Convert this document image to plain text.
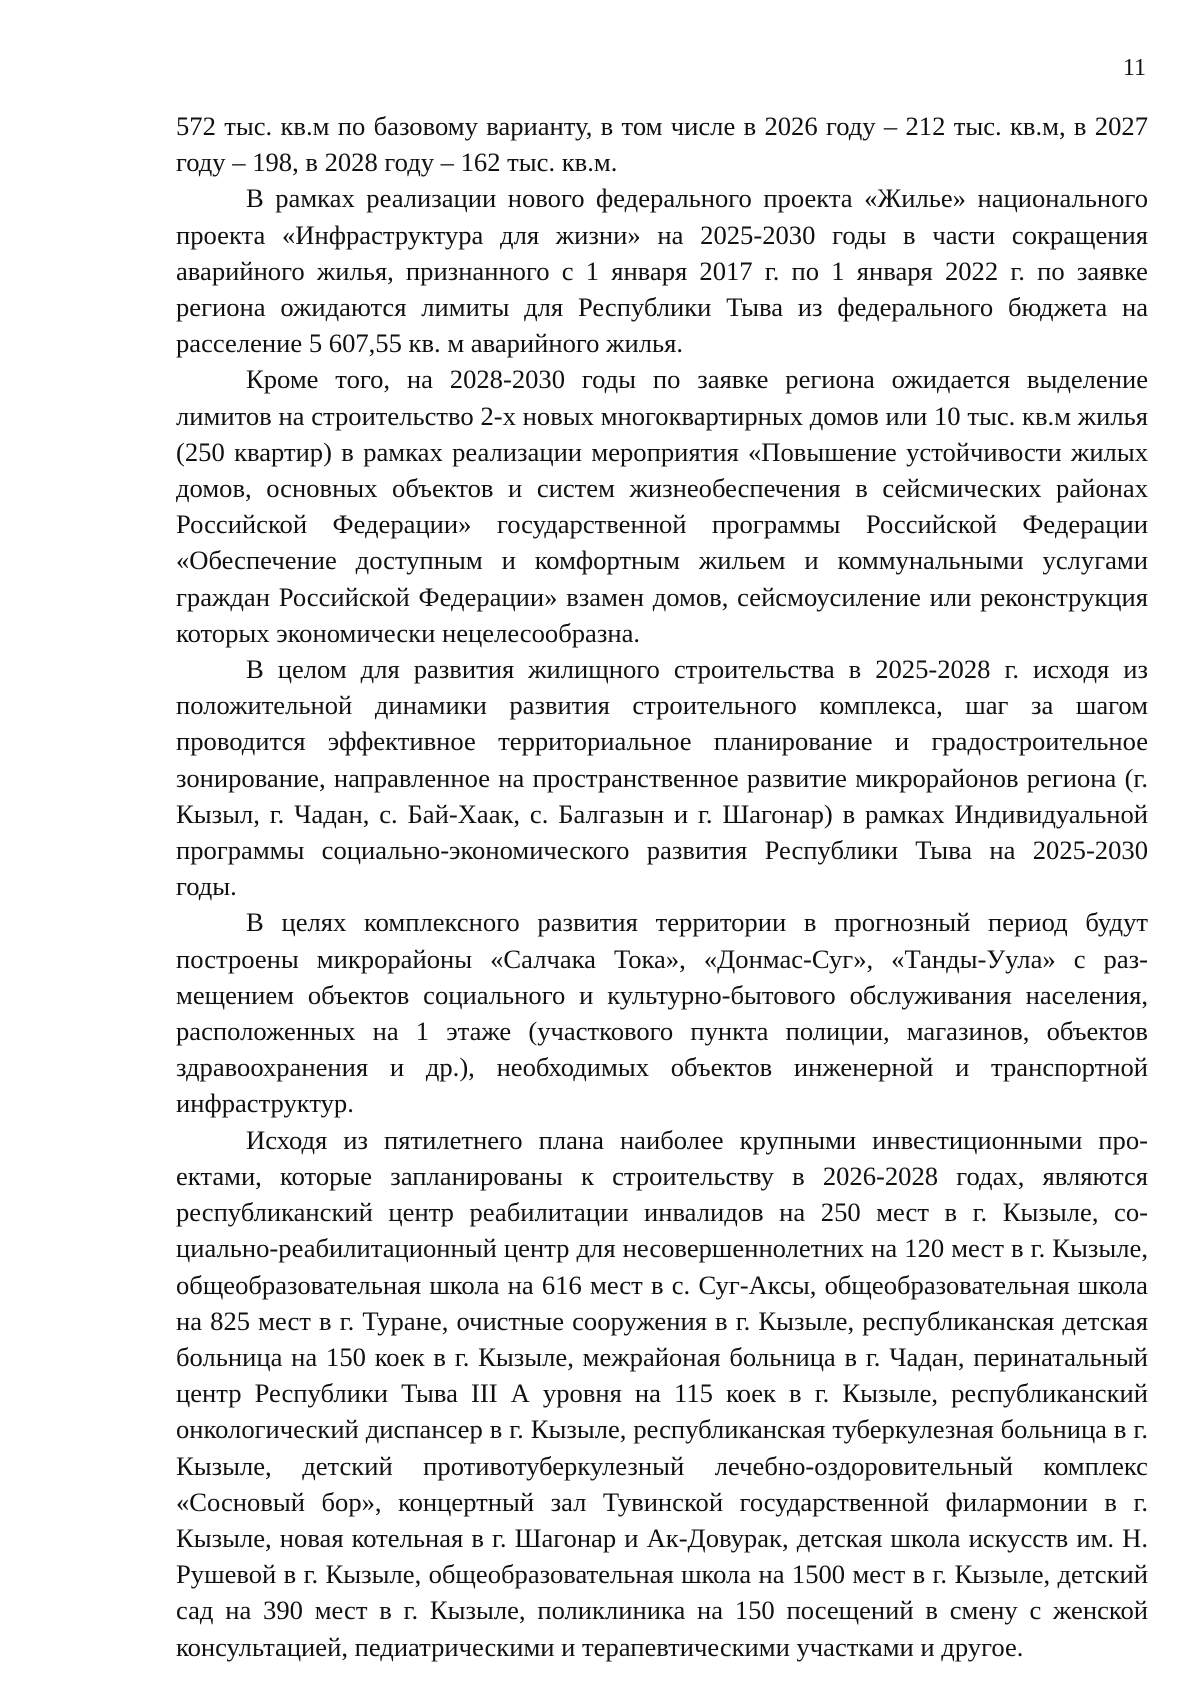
11

572 тыс. кв.м по базовому варианту, в том числе в 2026 году – 212 тыс. кв.м, в 2027 году – 198, в 2028 году – 162 тыс. кв.м.

В рамках реализации нового федерального проекта «Жилье» национального проекта «Инфраструктура для жизни» на 2025-2030 годы в части сокращения аварийного жилья, признанного с 1 января 2017 г. по 1 января 2022 г. по заявке региона ожидаются лимиты для Республики Тыва из федерального бюджета на расселение 5 607,55 кв. м аварийного жилья.

Кроме того, на 2028-2030 годы по заявке региона ожидается выделение лимитов на строительство 2-х новых многоквартирных домов или 10 тыс. кв.м жилья (250 квартир) в рамках реализации мероприятия «Повышение устойчивости жилых домов, основных объектов и систем жизнеобеспечения в сейсмических районах Российской Федерации» государственной программы Российской Федерации «Обеспечение доступным и комфортным жильем и коммунальными услугами граждан Российской Федерации» взамен домов, сейсмоусиление или реконструкция которых экономически нецелесообразна.

В целом для развития жилищного строительства в 2025-2028 г. исходя из положительной динамики развития строительного комплекса, шаг за шагом проводится эффективное территориальное планирование и градостроительное зонирование, направленное на пространственное развитие микрорайонов региона (г. Кызыл, г. Чадан, с. Бай-Хаак, с. Балгазын и г. Шагонар) в рамках Индивидуальной программы социально-экономического развития Республики Тыва на 2025-2030 годы.

В целях комплексного развития территории в прогнозный период будут построены микрорайоны «Салчака Тока», «Донмас-Суг», «Танды-Уула» с размещением объектов социального и культурно-бытового обслуживания населения, расположенных на 1 этаже (участкового пункта полиции, магазинов, объектов здравоохранения и др.), необходимых объектов инженерной и транспортной инфраструктур.

Исходя из пятилетнего плана наиболее крупными инвестиционными проектами, которые запланированы к строительству в 2026-2028 годах, являются республиканский центр реабилитации инвалидов на 250 мест в г. Кызыле, социально-реабилитационный центр для несовершеннолетних на 120 мест в г. Кызыле, общеобразовательная школа на 616 мест в с. Суг-Аксы, общеобразовательная школа на 825 мест в г. Туране, очистные сооружения в г. Кызыле, республиканская детская больница на 150 коек в г. Кызыле, межрайоная больница в г. Чадан, перинатальный центр Республики Тыва III А уровня на 115 коек в г. Кызыле, республиканский онкологический диспансер в г. Кызыле, республиканская туберкулезная больница в г. Кызыле, детский противотуберкулезный лечебно-оздоровительный комплекс «Сосновый бор», концертный зал Тувинской государственной филармонии в г. Кызыле, новая котельная в г. Шагонар и Ак-Довурак, детская школа искусств им. Н. Рушевой в г. Кызыле, общеобразовательная школа на 1500 мест в г. Кызыле, детский сад на 390 мест в г. Кызыле, поликлиника на 150 посещений в смену с женской консультацией, педиатрическими и терапевтическими участками и другое.
